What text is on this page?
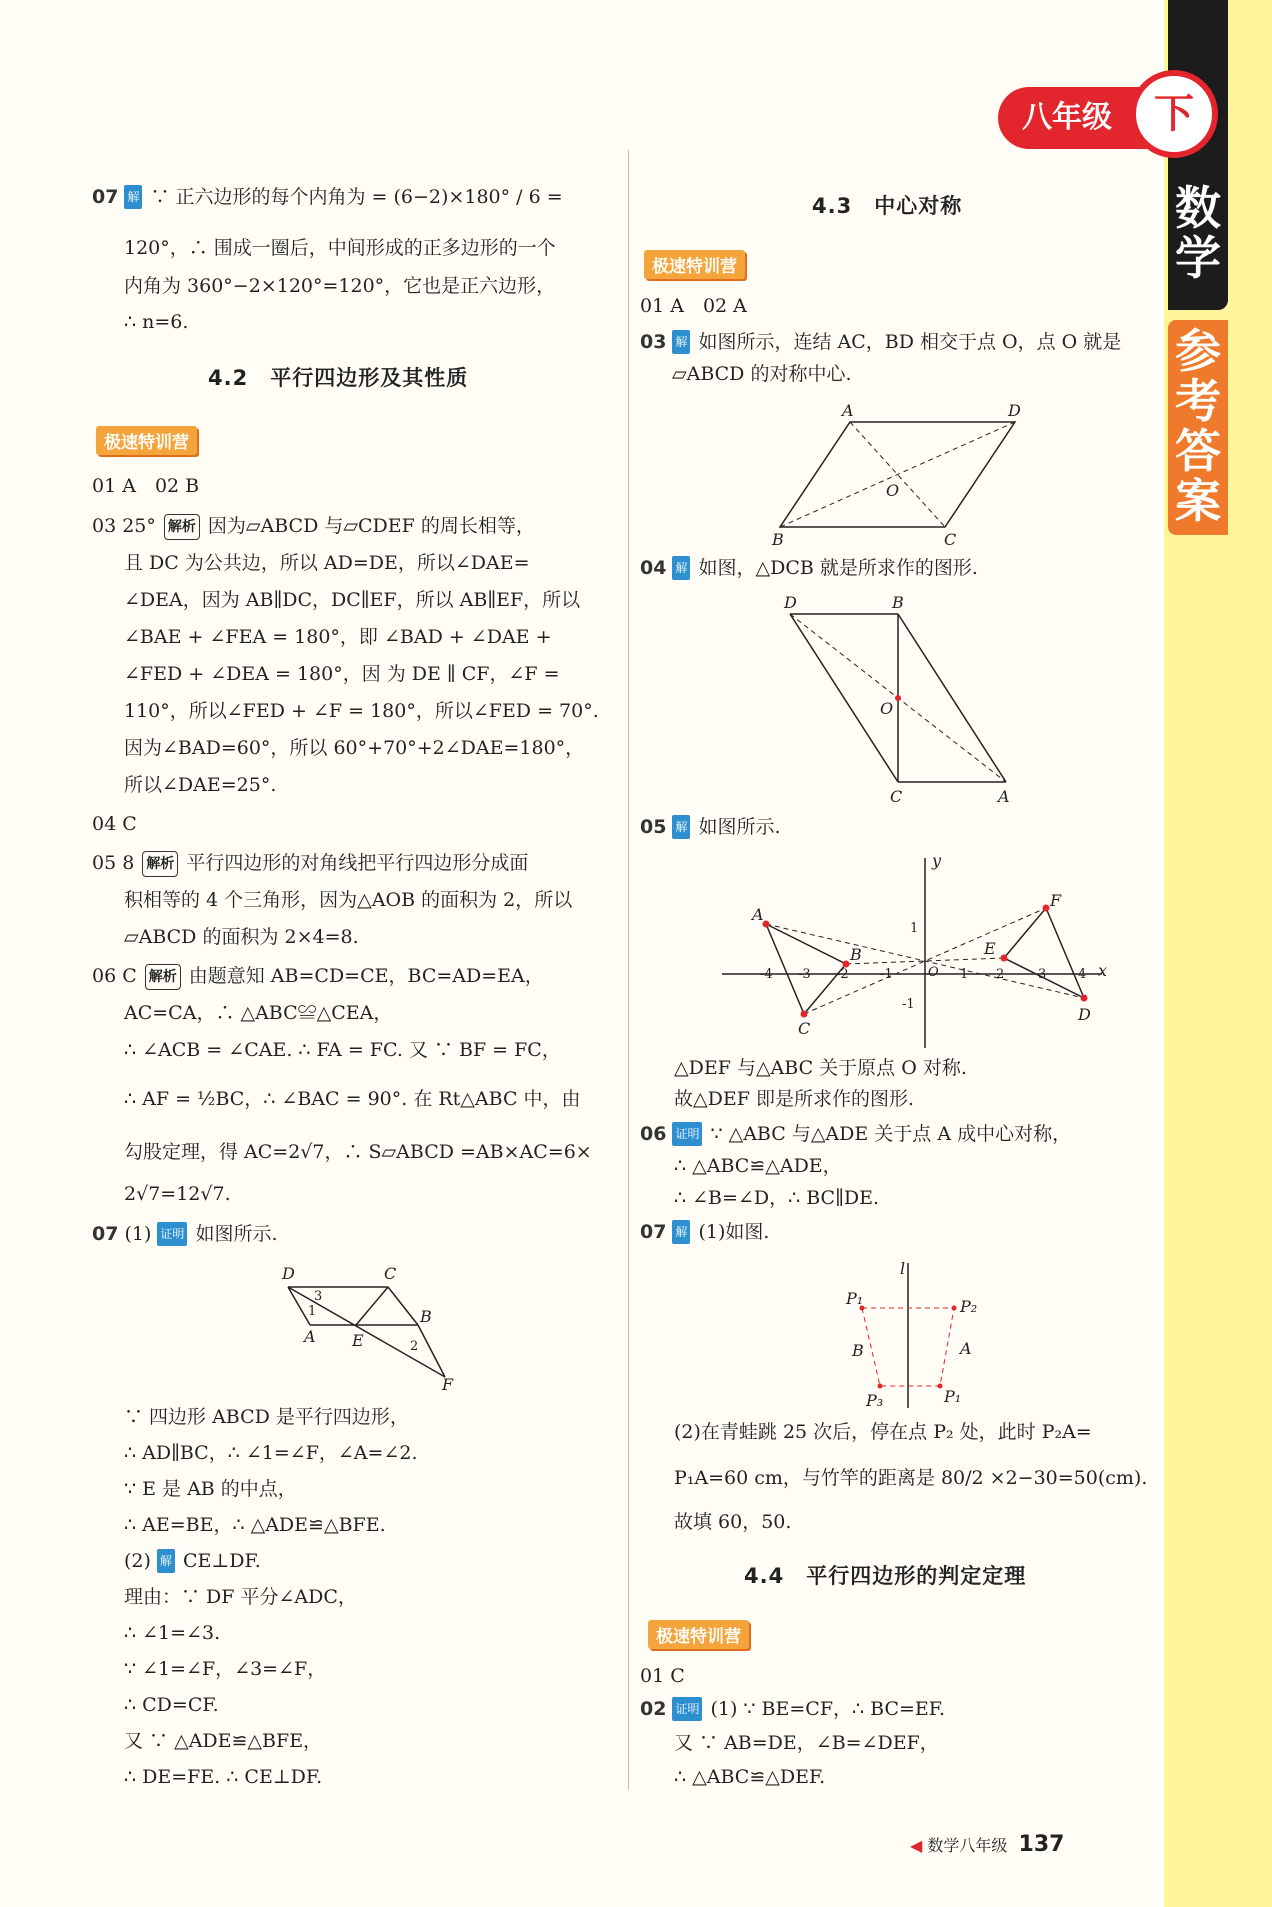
数
学
参
考
答
案
八年级	下
07 解 ∵ 正六边形的每个内角为 = (6−2)×180° / 6 =
120°，∴ 围成一圈后，中间形成的正多边形的一个
内角为 360°−2×120°=120°，它也是正六边形，
∴ n=6.
4.2　平行四边形及其性质
极速特训营
01 A　02 B
03 25° 解析 因为▱ABCD 与▱CDEF 的周长相等，
且 DC 为公共边，所以 AD=DE，所以∠DAE=
∠DEA，因为 AB∥DC，DC∥EF，所以 AB∥EF，所以
∠BAE + ∠FEA = 180°，即 ∠BAD + ∠DAE +
∠FED + ∠DEA = 180°，因 为 DE ∥ CF，∠F =
110°，所以∠FED + ∠F = 180°，所以∠FED = 70°.
因为∠BAD=60°，所以 60°+70°+2∠DAE=180°，
所以∠DAE=25°.
04 C
05 8 解析 平行四边形的对角线把平行四边形分成面
积相等的 4 个三角形，因为△AOB 的面积为 2，所以
▱ABCD 的面积为 2×4=8.
06 C 解析 由题意知 AB=CD=CE，BC=AD=EA，
AC=CA，∴ △ABC≌△CEA，
∴ ∠ACB = ∠CAE. ∴ FA = FC. 又 ∵ BF = FC，
∴ AF = ½BC，∴ ∠BAC = 90°. 在 Rt△ABC 中，由
勾股定理，得 AC=2√7，∴ S▱ABCD =AB×AC=6×
2√7=12√7.
07 (1) 证明 如图所示.
D	C
A E
B
F
1
2
3
∵ 四边形 ABCD 是平行四边形，
∴ AD∥BC，∴ ∠1=∠F，∠A=∠2.
∵ E 是 AB 的中点，
∴ AE=BE，∴ △ADE≌△BFE.
(2) 解 CE⊥DF.
理由：∵ DF 平分∠ADC，
∴ ∠1=∠3.
∵ ∠1=∠F，∠3=∠F，
∴ CD=CF.
又 ∵ △ADE≌△BFE，
∴ DE=FE. ∴ CE⊥DF.
4.3　中心对称
极速特训营
01 A　02 A
03 解 如图所示，连结 AC，BD 相交于点 O，点 O 就是
▱ABCD 的对称中心.
A	D
O
B	C
04 解 如图，△DCB 就是所求作的图形.
D	B
O
C	A
05 解 如图所示.
y
x
O
-4 -3 -2 -1	1 2	3 4
1
-1
A
B
C
D
E
F
△DEF 与△ABC 关于原点 O 对称.
故△DEF 即是所求作的图形.
06 证明 ∵ △ABC 与△ADE 关于点 A 成中心对称，
∴ △ABC≌△ADE，
∴ ∠B=∠D，∴ BC∥DE.
07 解 (1)如图.
l
P₁	P₂
B	A
P₃	P₁
(2)在青蛙跳 25 次后，停在点 P₂ 处，此时 P₂A=
P₁A=60 cm，与竹竿的距离是 80/2 ×2−30=50(cm).
故填 60，50.
4.4　平行四边形的判定定理
极速特训营
01 C
02 证明 (1) ∵ BE=CF，∴ BC=EF.
又 ∵ AB=DE，∠B=∠DEF，
∴ △ABC≌△DEF.
◀ 数学八年级 137
